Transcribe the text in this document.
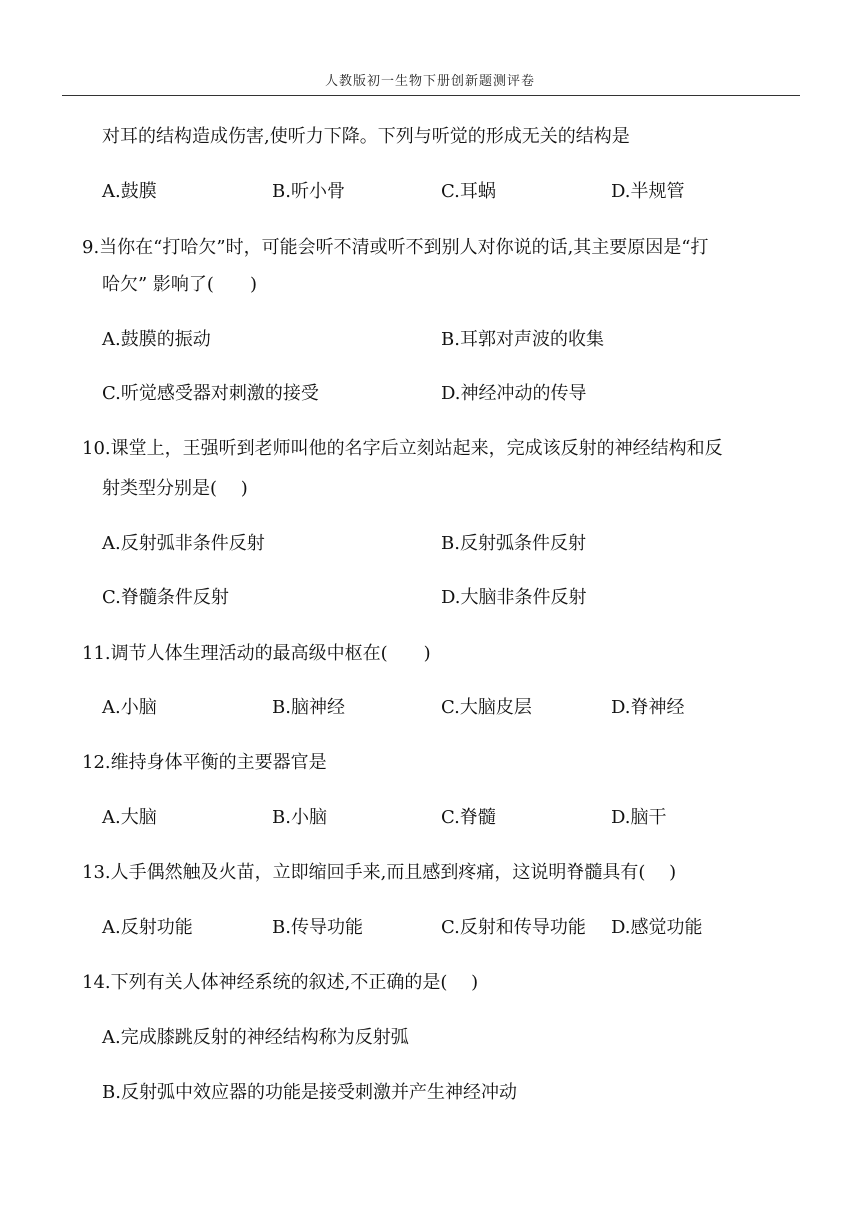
人教版初一生物下册创新题测评卷
对耳的结构造成伤害,使听力下降。下列与听觉的形成无关的结构是
A.鼓膜	B.听小骨	C.耳蜗	D.半规管
9.当你在“打哈欠”时，可能会听不清或听不到别人对你说的话,其主要原因是“打
哈欠” 影响了(　　)
A.鼓膜的振动	B.耳郭对声波的收集
C.听觉感受器对刺激的接受	D.神经冲动的传导
10.课堂上，王强听到老师叫他的名字后立刻站起来，完成该反射的神经结构和反
射类型分别是(　 )
A.反射弧非条件反射	B.反射弧条件反射
C.脊髓条件反射	D.大脑非条件反射
11.调节人体生理活动的最高级中枢在(　　)
A.小脑	B.脑神经	C.大脑皮层	D.脊神经
12.维持身体平衡的主要器官是
A.大脑	B.小脑	C.脊髓	D.脑干
13.人手偶然触及火苗，立即缩回手来,而且感到疼痛，这说明脊髓具有(　 )
A.反射功能	B.传导功能	C.反射和传导功能 D.感觉功能
14.下列有关人体神经系统的叙述,不正确的是(　 )
A.完成膝跳反射的神经结构称为反射弧
B.反射弧中效应器的功能是接受刺激并产生神经冲动
